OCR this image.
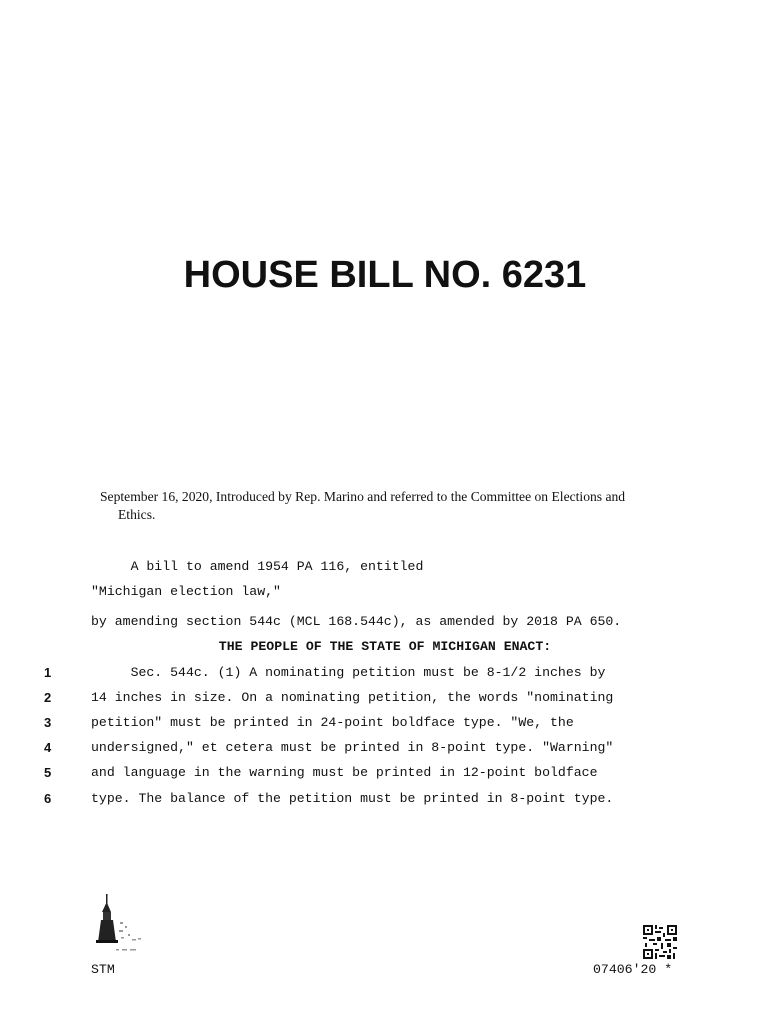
HOUSE BILL NO. 6231

September 16, 2020, Introduced by Rep. Marino and referred to the Committee on Elections and
Ethics.

A bill to amend 1954 PA 116, entitled
"Michigan election law,"
by amending section 544c (MCL 168.544c), as amended by 2018 PA 650.
THE PEOPLE OF THE STATE OF MICHIGAN ENACT:
1	Sec. 544c. (1) A nominating petition must be 8-1/2 inches by
2	14 inches in size. On a nominating petition, the words "nominating
3	petition" must be printed in 24-point boldface type. "We, the
4	undersigned," et cetera must be printed in 8-point type. "Warning"
5	and language in the warning must be printed in 12-point boldface
6	type. The balance of the petition must be printed in 8-point type.
STM	07406'20 *
